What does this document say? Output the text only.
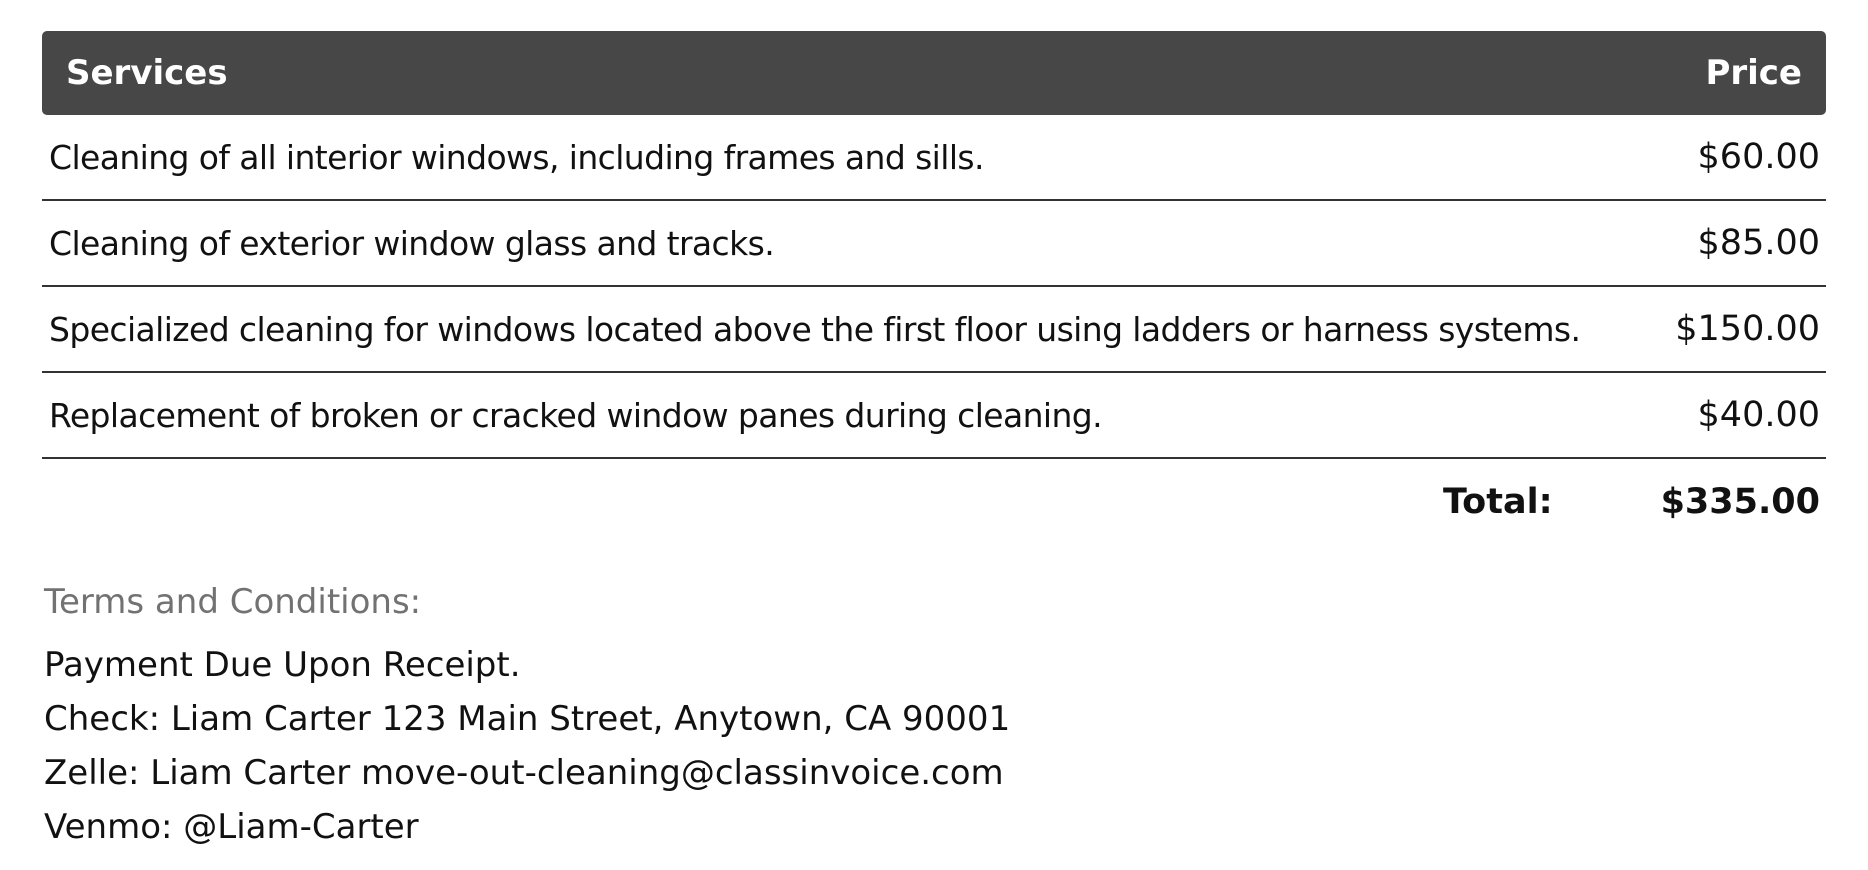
Services	Price
Cleaning of all interior windows, including frames and sills.	$60.00
Cleaning of exterior window glass and tracks.	$85.00
Specialized cleaning for windows located above the first floor using ladders or harness systems.	$150.00
Replacement of broken or cracked window panes during cleaning.	$40.00
Total:	$335.00
Terms and Conditions:
Payment Due Upon Receipt.
Check: Liam Carter 123 Main Street, Anytown, CA 90001
Zelle: Liam Carter move-out-cleaning@classinvoice.com
Venmo: @Liam-Carter
